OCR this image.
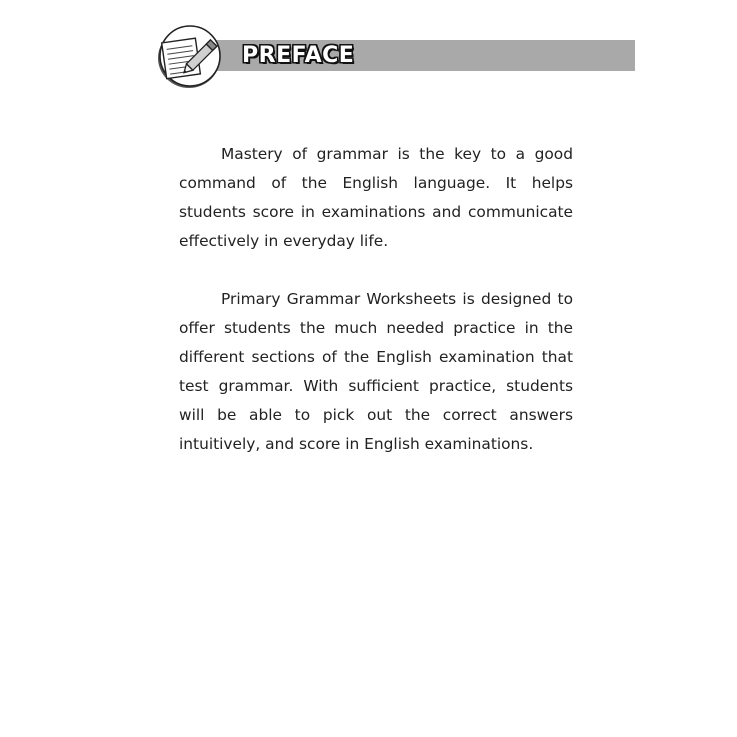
PREFACE

Mastery of grammar is the key to a good command of the English language. It helps students score in examinations and communicate effectively in everyday life.

Primary Grammar Worksheets is designed to offer students the much needed practice in the different sections of the English examination that test grammar. With sufficient practice, students will be able to pick out the correct answers intuitively, and score in English examinations.
